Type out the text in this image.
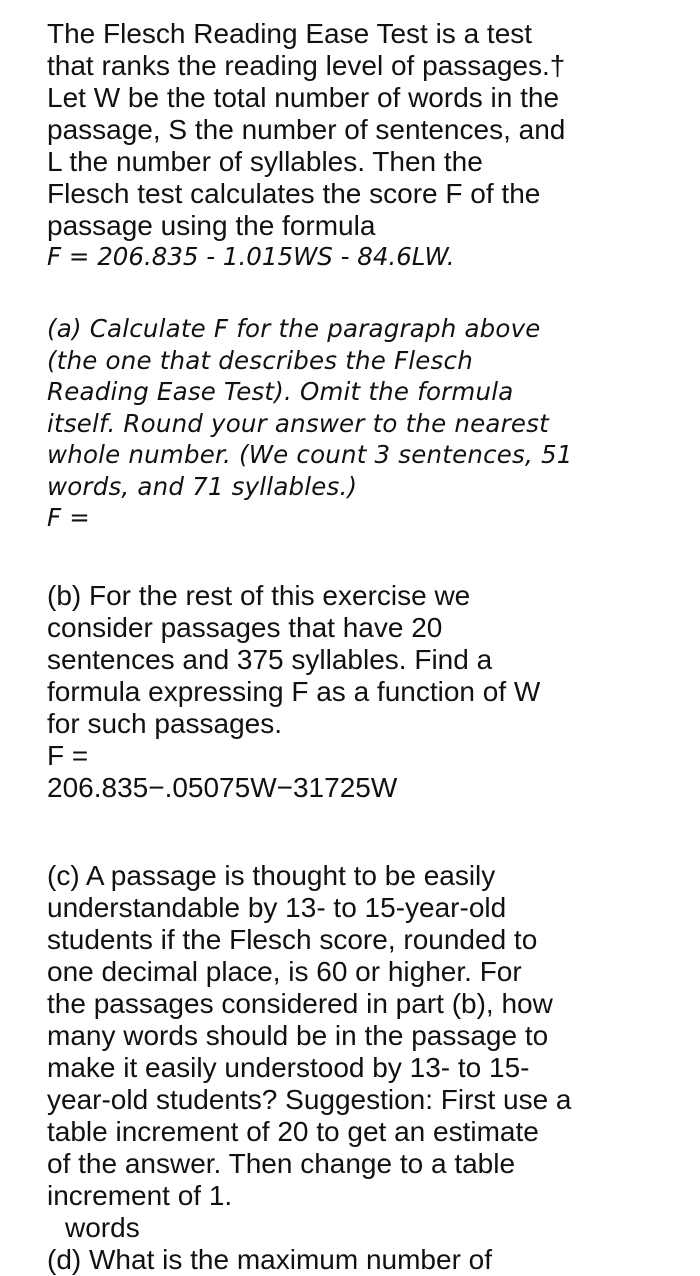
The Flesch Reading Ease Test is a test

that ranks the reading level of passages.†

Let W be the total number of words in the

passage, S the number of sentences, and

L the number of syllables. Then the

Flesch test calculates the score F of the

passage using the formula

F = 206.835 - 1.015WS - 84.6LW.

(a) Calculate F for the paragraph above

(the one that describes the Flesch

Reading Ease Test). Omit the formula

itself. Round your answer to the nearest

whole number. (We count 3 sentences, 51

words, and 71 syllables.)

F =

(b) For the rest of this exercise we

consider passages that have 20

sentences and 375 syllables. Find a

formula expressing F as a function of W

for such passages.

F =

206.835−.05075W−31725W

(c) A passage is thought to be easily

understandable by 13- to 15-year-old

students if the Flesch score, rounded to

one decimal place, is 60 or higher. For

the passages considered in part (b), how

many words should be in the passage to

make it easily understood by 13- to 15-

year-old students? Suggestion: First use a

table increment of 20 to get an estimate

of the answer. Then change to a table

increment of 1.

words

(d) What is the maximum number of
